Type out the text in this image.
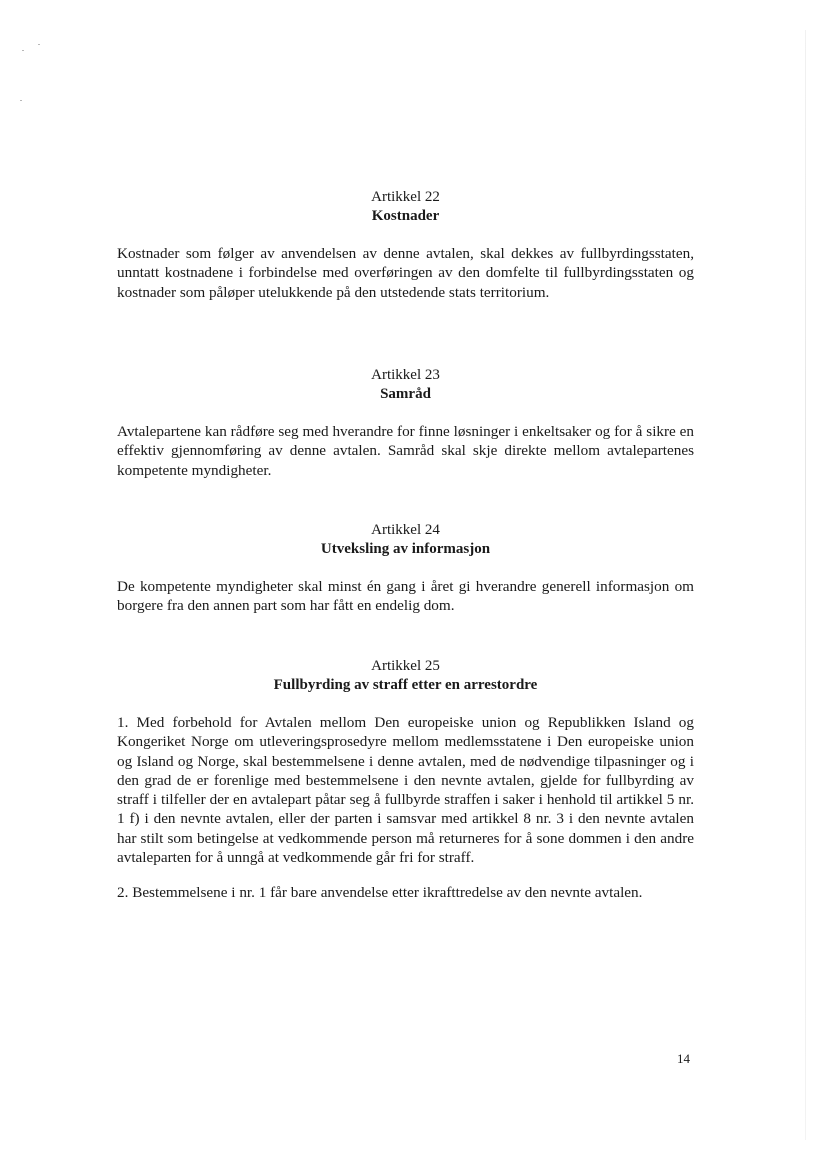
Artikkel 22
Kostnader

Kostnader som følger av anvendelsen av denne avtalen, skal dekkes av fullbyrdingsstaten, unntatt kostnadene i forbindelse med overføringen av den domfelte til fullbyrdingsstaten og kostnader som påløper utelukkende på den utstedende stats territorium.

Artikkel 23
Samråd

Avtalepartene kan rådføre seg med hverandre for finne løsninger i enkeltsaker og for å sikre en effektiv gjennomføring av denne avtalen. Samråd skal skje direkte mellom avtalepartenes kompetente myndigheter.

Artikkel 24
Utveksling av informasjon

De kompetente myndigheter skal minst én gang i året gi hverandre generell informasjon om borgere fra den annen part som har fått en endelig dom.

Artikkel 25
Fullbyrding av straff etter en arrestordre

1. Med forbehold for Avtalen mellom Den europeiske union og Republikken Island og Kongeriket Norge om utleveringsprosedyre mellom medlemsstatene i Den europeiske union og Island og Norge, skal bestemmelsene i denne avtalen, med de nødvendige tilpasninger og i den grad de er forenlige med bestemmelsene i den nevnte avtalen, gjelde for fullbyrding av straff i tilfeller der en avtalepart påtar seg å fullbyrde straffen i saker i henhold til artikkel 5 nr. 1 f) i den nevnte avtalen, eller der parten i samsvar med artikkel 8 nr. 3 i den nevnte avtalen har stilt som betingelse at vedkommende person må returneres for å sone dommen i den andre avtaleparten for å unngå at vedkommende går fri for straff.

2. Bestemmelsene i nr. 1 får bare anvendelse etter ikrafttredelse av den nevnte avtalen.

14
